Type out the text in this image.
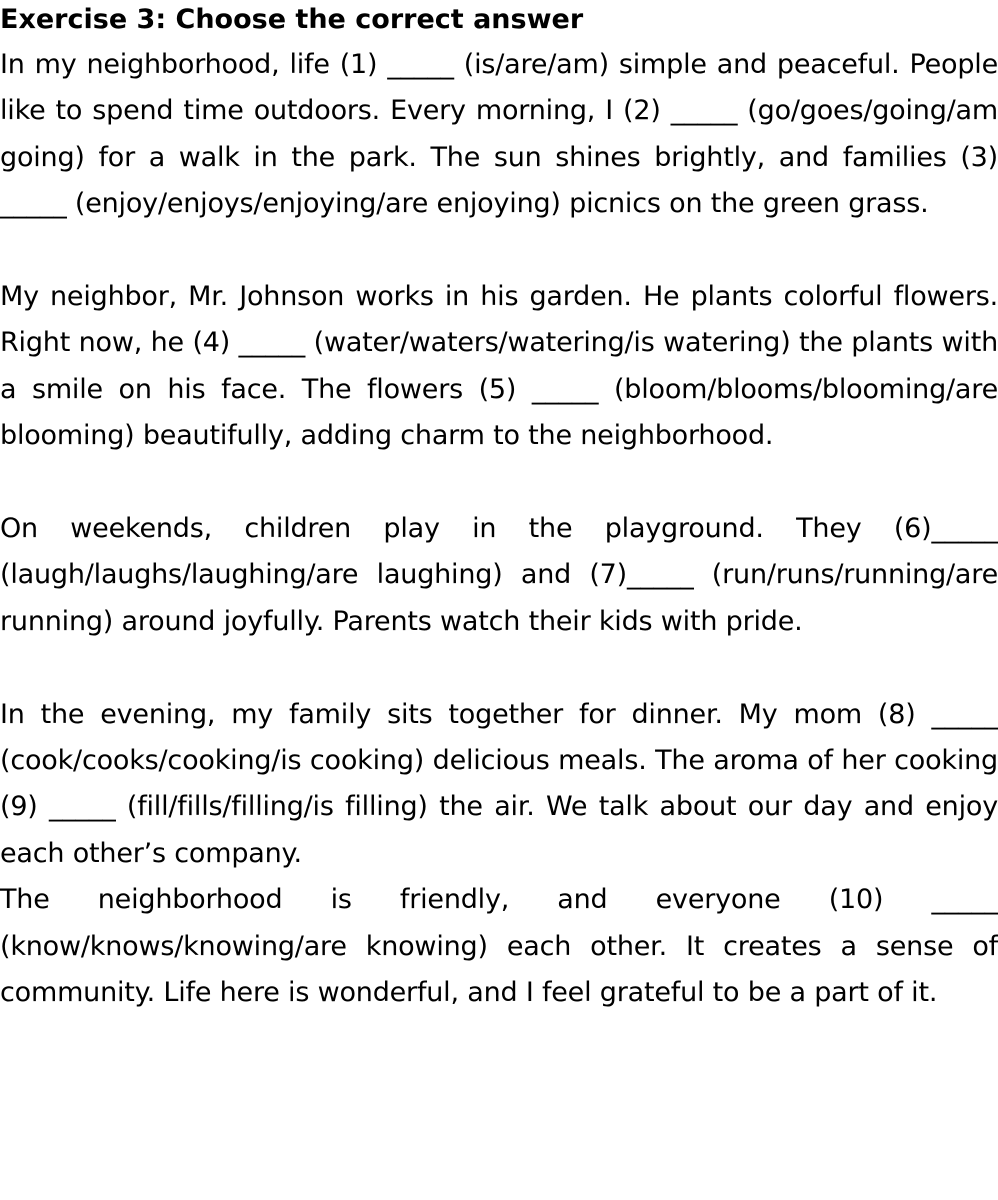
Exercise 3: Choose the correct answer

In my neighborhood, life (1) _____ (is/are/am) simple and peaceful. People like to spend time outdoors. Every morning, I (2) _____ (go/goes/going/am going) for a walk in the park. The sun shines brightly, and families (3) _____ (enjoy/enjoys/enjoying/are enjoying) picnics on the green grass.

My neighbor, Mr. Johnson works in his garden. He plants colorful flowers. Right now, he (4) _____ (water/waters/watering/is watering) the plants with a smile on his face. The flowers (5) _____ (bloom/blooms/blooming/are blooming) beautifully, adding charm to the neighborhood.

On weekends, children play in the playground. They (6)_____ (laugh/laughs/laughing/are laughing) and (7)_____ (run/runs/running/are running) around joyfully. Parents watch their kids with pride.

In the evening, my family sits together for dinner. My mom (8) _____ (cook/cooks/cooking/is cooking) delicious meals. The aroma of her cooking (9) _____ (fill/fills/filling/is filling) the air. We talk about our day and enjoy each other’s company.

The neighborhood is friendly, and everyone (10) _____ (know/knows/knowing/are knowing) each other. It creates a sense of community. Life here is wonderful, and I feel grateful to be a part of it.
